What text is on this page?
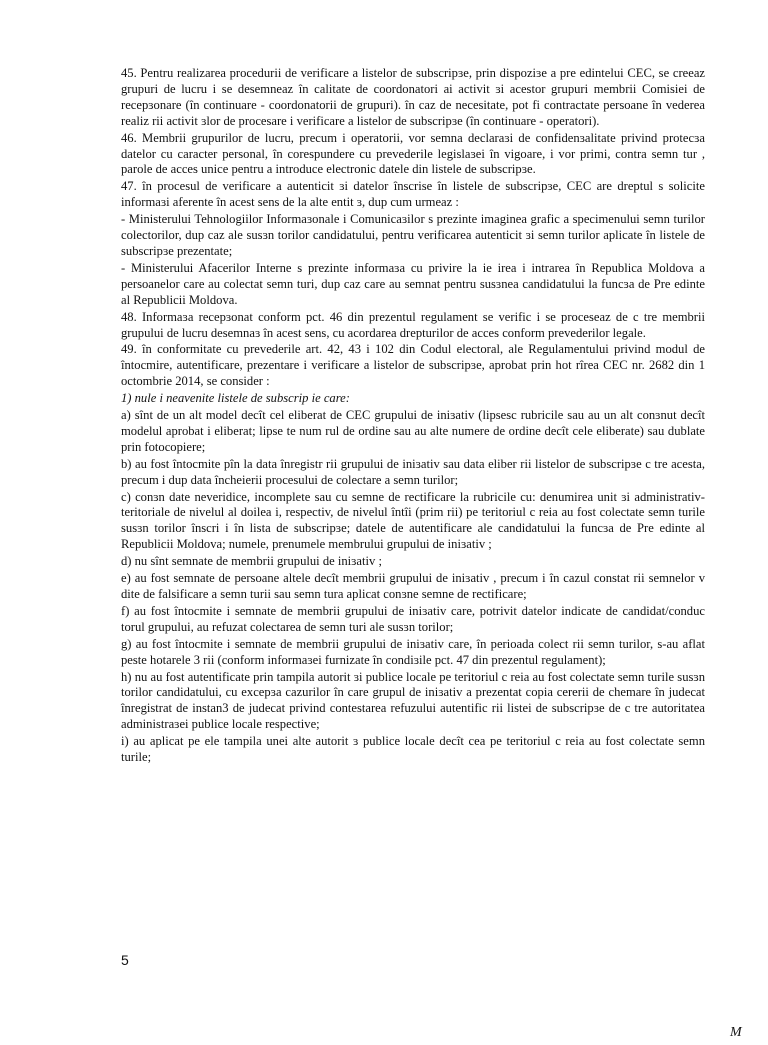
45. Pentru realizarea procedurii de verificare a listelor de subscripɜe, prin dispoziɜe a pre edintelui CEC, se creeaz grupuri de lucru i se desemneaz în calitate de coordonatori ai activit ɜi acestor grupuri membrii Comisiei de recepɜonare (în continuare - coordonatorii de grupuri). în caz de necesitate, pot fi contractate persoane în vederea realiz rii activit ɜlor de procesare i verificare a listelor de subscripɜe (în continuare - operatori).

46. Membrii grupurilor de lucru, precum i operatorii, vor semna declaraɜi de confidenɜalitate privind protecɜa datelor cu caracter personal, în corespundere cu prevederile legislaɜei în vigoare, i vor primi, contra semn tur , parole de acces unice pentru a introduce electronic datele din listele de subscripɜe.

47. în procesul de verificare a autenticit ɜi datelor înscrise în listele de subscripɜe, CEC are dreptul s solicite informaɜi aferente în acest sens de la alte entit ɜ, dup cum urmeaz :

- Ministerului Tehnologiilor Informaɜonale i Comunicaɜilor s prezinte imaginea grafic a specimenului semn turilor colectorilor, dup caz ale susɜn torilor candidatului, pentru verificarea autenticit ɜi semn turilor aplicate în listele de subscripɜe prezentate;

- Ministerului Afacerilor Interne s prezinte informaɜa cu privire la ie irea i intrarea în Republica Moldova a persoanelor care au colectat semn turi, dup caz care au semnat pentru susɜnea candidatului la funcɜa de Pre edinte al Republicii Moldova.

48. Informaɜa recepɜonat conform pct. 46 din prezentul regulament se verific i se proceseaz de c tre membrii grupului de lucru desemnaɜ în acest sens, cu acordarea drepturilor de acces conform prevederilor legale.

49. în conformitate cu prevederile art. 42, 43 i 102 din Codul electoral, ale Regulamentului privind modul de întocmire, autentificare, prezentare i verificare a listelor de subscripɜe, aprobat prin hot rîrea CEC nr. 2682 din 1 octombrie 2014, se consider :

1) nule i neavenite listele de subscrip ie care:

a) sînt de un alt model decît cel eliberat de CEC grupului de iniɜativ (lipsesc rubricile sau au un alt conɜnut decît modelul aprobat i eliberat; lipse te num rul de ordine sau au alte numere de ordine decît cele eliberate) sau dublate prin fotocopiere;

b) au fost întocmite pîn la data înregistr rii grupului de iniɜativ sau data eliber rii listelor de subscripɜe c tre acesta, precum i dup data încheierii procesului de colectare a semn turilor;

c) conɜn date neveridice, incomplete sau cu semne de rectificare la rubricile cu: denumirea unit ɜi administrativ-teritoriale de nivelul al doilea i, respectiv, de nivelul întîi (prim rii) pe teritoriul c reia au fost colectate semn turile susɜn torilor înscri i în lista de subscripɜe; datele de autentificare ale candidatului la funcɜa de Pre edinte al Republicii Moldova; numele, prenumele membrului grupului de iniɜativ ;

d) nu sînt semnate de membrii grupului de iniɜativ ;

e) au fost semnate de persoane altele decît membrii grupului de iniɜativ , precum i în cazul constat rii semnelor v dite de falsificare a semn turii sau semn tura aplicat conɜne semne de rectificare;

f) au fost întocmite i semnate de membrii grupului de iniɜativ care, potrivit datelor indicate de candidat/conduc torul grupului, au refuzat colectarea de semn turi ale susɜn torilor;

g) au fost întocmite i semnate de membrii grupului de iniɜativ care, în perioada colect rii semn turilor, s-au aflat peste hotarele 3 rii (conform informaɜei furnizate în condiɜile pct. 47 din prezentul regulament);

h) nu au fost autentificate prin tampila autorit ɜi publice locale pe teritoriul c reia au fost colectate semn turile susɜn torilor candidatului, cu excepɜa cazurilor în care grupul de iniɜativ a prezentat copia cererii de chemare în judecat înregistrat de instan3 de judecat privind contestarea refuzului autentific rii listei de subscripɜe de c tre autoritatea administraɜei publice locale respective;

i) au aplicat pe ele tampila unei alte autorit ɜ publice locale decît cea pe teritoriul c reia au fost colectate semn turile;

5
M
